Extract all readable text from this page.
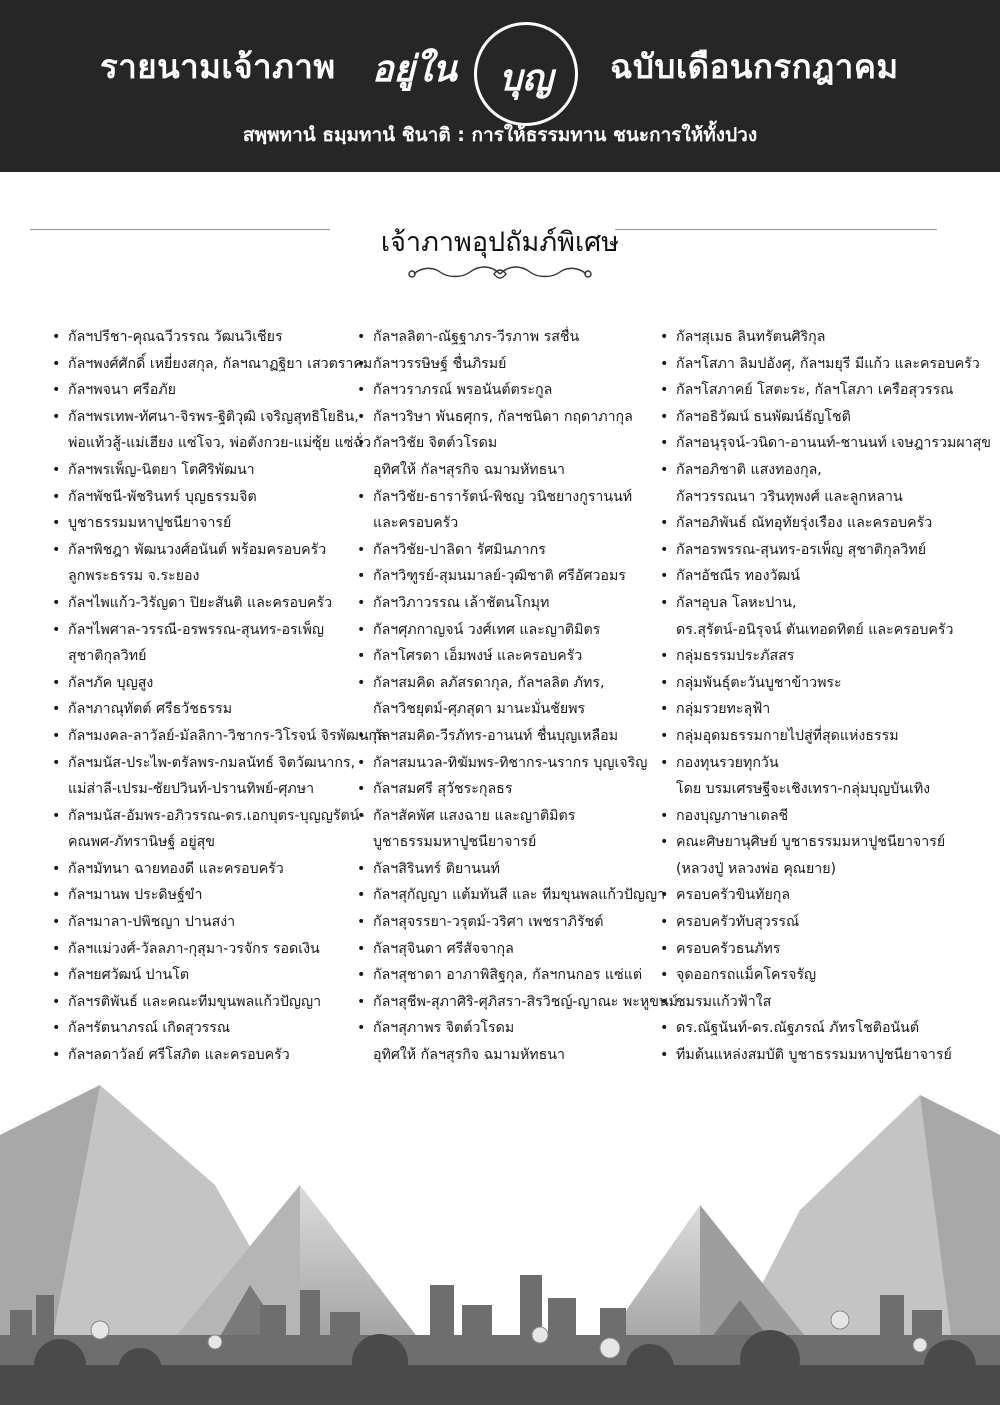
รายนามเจ้าภาพ อยู่ใน	บุญ	ฉบับเดือนกรกฎาคม
สพฺพทานํ ธมฺมทานํ ชินาติ : การให้ธรรมทาน ชนะการให้ทั้งปวง
เจ้าภาพอุปถัมภ์พิเศษ
• กัลฯปรีชา-คุณฉวีวรรณ วัฒนวิเชียร
• กัลฯพงศ์ศักดิ์ เหยี่ยงสกุล, กัลฯณาฏฐิยา เสวตราคม
• กัลฯพจนา ศรีอภัย
• กัลฯพรเทพ-ทัศนา-จิรพร-ฐิติวุฒิ เจริญสุทธิโยธิน,
พ่อแท้วสู้-แม่เฮียง แซ่โจว, พ่อตังกวย-แม่ซุ้ย แซ่ฉั่ว
• กัลฯพรเพ็ญ-นิตยา โตศิริพัฒนา
• กัลฯพัชนี-พัชรินทร์ บุญธรรมจิต
• บูชาธรรมมหาปูชนียาจารย์
• กัลฯพิชฎา พัฒนวงศ์อนันต์ พร้อมครอบครัว
ลูกพระธรรม จ.ระยอง
• กัลฯไพแก้ว-วิรัญดา ปิยะสันติ และครอบครัว
• กัลฯไพศาล-วรรณี-อรพรรณ-สุนทร-อรเพ็ญ
สุชาติกุลวิทย์
• กัลฯภัค บุญสูง
• กัลฯภาณุทัตต์ ศรีธวัชธรรม
• กัลฯมงคล-ลาวัลย์-มัลลิกา-วิชากร-วิโรจน์ จิรพัฒนกุล
• กัลฯมนัส-ประไพ-ตรัลพร-กมลนัทธ์ จิตวัฒนากร,
แม่ส่าลี-เปรม-ชัยปวินท์-ปรานทิพย์-ศุภษา
• กัลฯมนัส-อัมพร-อภิวรรณ-ดร.เอกบุตร-บุญญรัตน์-
คณพศ-ภัทรานิษฐ์ อยู่สุข
• กัลฯมัทนา ฉายทองดี และครอบครัว
• กัลฯมานพ ประดิษฐ์ขำ
• กัลฯมาลา-ปพิชญา ปานสง่า
• กัลฯแม่วงศ์-วัลลภา-กุสุมา-วรจักร รอดเงิน
• กัลฯยศวัฒน์ ปานโต
• กัลฯรติพันธ์ และคณะทีมขุนพลแก้วปัญญา
• กัลฯรัตนาภรณ์ เกิดสุวรรณ
• กัลฯลดาวัลย์ ศรีโสภิต และครอบครัว
• กัลฯลลิตา-ณัฐฐาภร-วีรภาพ รสชื่น
• กัลฯวรรษิษฐ์ ชื่นภิรมย์
• กัลฯวราภรณ์ พรอนันต์ตระกูล
• กัลฯวริษา พันธศุกร, กัลฯชนิดา กฤดาภากุล
• กัลฯวิชัย จิตต์วโรดม
อุทิศให้ กัลฯสุรกิจ ฉมามหัทธนา
• กัลฯวิชัย-ธาราร้ตน์-พิชญ วนิชยางกูรานนท์
และครอบครัว
• กัลฯวิชัย-ปาลิดา รัศมินภากร
• กัลฯวิฑูรย์-สุมนมาลย์-วุฒิชาติ ศรีอัศวอมร
• กัลฯวิภาวรรณ เล้าชัตนโกมุท
• กัลฯศุภกาญจน์ วงศ์เทศ และญาติมิตร
• กัลฯโศรดา เอ็มพงษ์ และครอบครัว
• กัลฯสมคิด ลภัสรดากุล, กัลฯลลิต ภัทร,
กัลฯวิชยุตม์-ศุภสุดา มานะมั่นชัยพร
• กัลฯสมคิด-วีรภัทร-อานนท์ ชื่นบุญเหลือม
• กัลฯสมนวล-ทิฆัมพร-ทิชากร-นรากร บุญเจริญ
• กัลฯสมศรี สุวัชระกุลธร
• กัลฯสัคพัศ แสงฉาย และญาติมิตร
บูชาธรรมมหาปูชนียาจารย์
• กัลฯสิรินทร์ ติยานนท์
• กัลฯสุกัญญา แต้มทันสี และ ทีมขุนพลแก้วปัญญา
• กัลฯสุจรรยา-วรุตม์-วริศา เพชราภิรัชต์
• กัลฯสุจินดา ศรีสัจจากุล
• กัลฯสุชาดา อาภาพิสิฐกุล, กัลฯกนกอร แซ่แต่
• กัลฯสุชีพ-สุภาศิริ-ศุภิสรา-สิรวิชญ์-ญาณะ พะหูขนม์
• กัลฯสุภาพร จิตต์วโรดม
อุทิศให้ กัลฯสุรกิจ ฉมามหัทธนา
• กัลฯสุเมธ ลินทรัตนศิริกุล
• กัลฯโสภา ลิมปอังศุ, กัลฯมยุรี มีแก้ว และครอบครัว
• กัลฯโสภาคย์ โสตะระ, กัลฯโสภา เครือสุวรรณ
• กัลฯอธิวัฒน์ ธนพัฒน์ธัญโชติ
• กัลฯอนุรุจน์-วนิดา-อานนท์-ชานนท์ เจษฎารวมผาสุข
• กัลฯอภิชาติ แสงทองกุล,
กัลฯวรรณนา วรินทุพงศ์ และลูกหลาน
• กัลฯอภิพันธ์ ณัทอุทัยรุ่งเรือง และครอบครัว
• กัลฯอรพรรณ-สุนทร-อรเพ็ญ สุชาติกุลวิทย์
• กัลฯอัชณีร ทองวัฒน์
• กัลฯอุบล โลหะปาน,
ดร.สุรัตน์-อนิรุจน์ ตันเทอดทิตย์ และครอบครัว
• กลุ่มธรรมประภัสสร
• กลุ่มพันธุ์ตะวันบูชาข้าวพระ
• กลุ่มรวยทะลุฟ้า
• กลุ่มอุดมธรรมกายไปสู่ที่สุดแห่งธรรม
• กองทุนรวยทุกวัน
โดย บรมเศรษฐีจะเชิงเทรา-กลุ่มบุญบันเทิง
• กองบุญภาษาเดลชี
• คณะศิษยานุศิษย์ บูชาธรรมมหาปูชนียาจารย์
(หลวงปู่ หลวงพ่อ คุณยาย)
• ครอบครัวขินทัยกุล
• ครอบครัวทับสุวรรณ์
• ครอบครัวธนภัทร
• จุดออกรถแม็คโครจรัญ
• ชมรมแก้วฟ้าใส
• ดร.ณัฐนันท์-ดร.ณัฐภรณ์ ภัทรโชติอนันต์
• ทีมต้นแหล่งสมบัติ บูชาธรรมมหาปูชนียาจารย์
